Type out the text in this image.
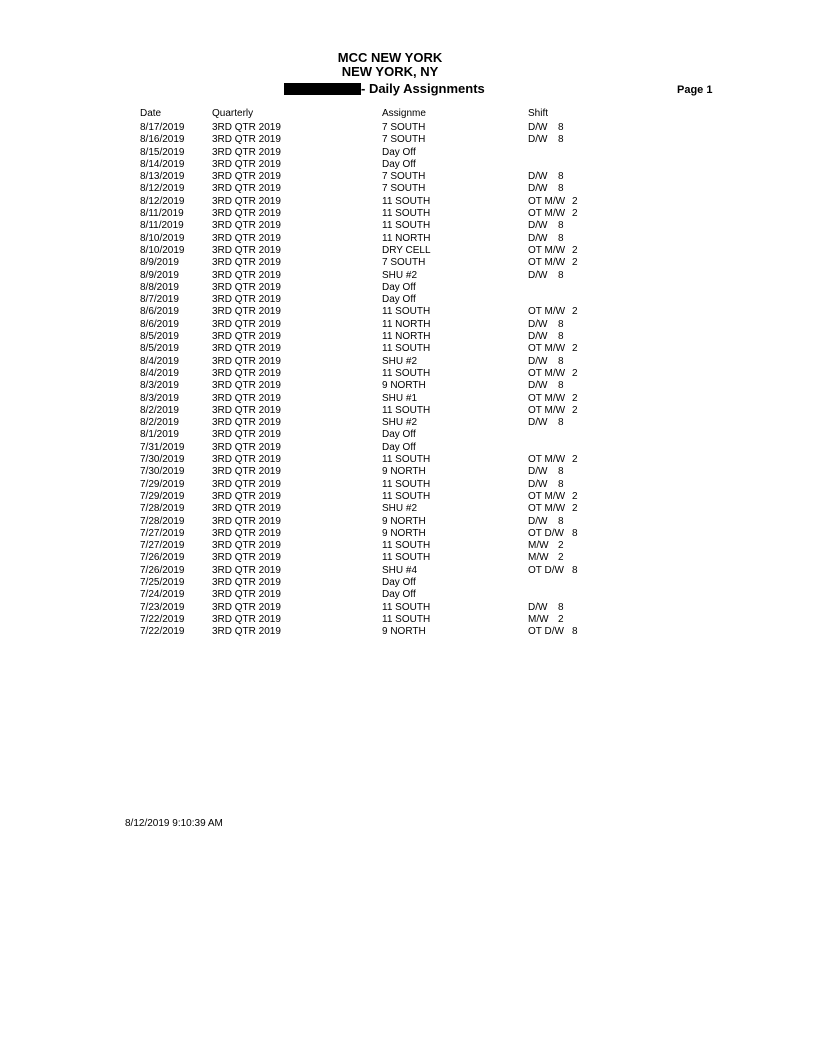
MCC NEW YORK
NEW YORK, NY
- Daily Assignments	Page 1
Date	Quarterly	Assignme	Shift
8/17/2019	3RD QTR 2019	7 SOUTH	D/W 8
8/16/2019	3RD QTR 2019	7 SOUTH	D/W 8
8/15/2019	3RD QTR 2019	Day Off
8/14/2019	3RD QTR 2019	Day Off
8/13/2019	3RD QTR 2019	7 SOUTH	D/W 8
8/12/2019	3RD QTR 2019	7 SOUTH	D/W 8
8/12/2019	3RD QTR 2019	11 SOUTH	OT M/W 2
8/11/2019	3RD QTR 2019	11 SOUTH	OT M/W 2
8/11/2019	3RD QTR 2019	11 SOUTH	D/W 8
8/10/2019	3RD QTR 2019	11 NORTH	D/W 8
8/10/2019	3RD QTR 2019	DRY CELL	OT M/W 2
8/9/2019	3RD QTR 2019	7 SOUTH	OT M/W 2
8/9/2019	3RD QTR 2019	SHU #2	D/W 8
8/8/2019	3RD QTR 2019	Day Off
8/7/2019	3RD QTR 2019	Day Off
8/6/2019	3RD QTR 2019	11 SOUTH	OT M/W 2
8/6/2019	3RD QTR 2019	11 NORTH	D/W 8
8/5/2019	3RD QTR 2019	11 NORTH	D/W 8
8/5/2019	3RD QTR 2019	11 SOUTH	OT M/W 2
8/4/2019	3RD QTR 2019	SHU #2	D/W 8
8/4/2019	3RD QTR 2019	11 SOUTH	OT M/W 2
8/3/2019	3RD QTR 2019	9 NORTH	D/W 8
8/3/2019	3RD QTR 2019	SHU #1	OT M/W 2
8/2/2019	3RD QTR 2019	11 SOUTH	OT M/W 2
8/2/2019	3RD QTR 2019	SHU #2	D/W 8
8/1/2019	3RD QTR 2019	Day Off
7/31/2019	3RD QTR 2019	Day Off
7/30/2019	3RD QTR 2019	11 SOUTH	OT M/W 2
7/30/2019	3RD QTR 2019	9 NORTH	D/W 8
7/29/2019	3RD QTR 2019	11 SOUTH	D/W 8
7/29/2019	3RD QTR 2019	11 SOUTH	OT M/W 2
7/28/2019	3RD QTR 2019	SHU #2	OT M/W 2
7/28/2019	3RD QTR 2019	9 NORTH	D/W 8
7/27/2019	3RD QTR 2019	9 NORTH	OT D/W 8
7/27/2019	3RD QTR 2019	11 SOUTH	M/W 2
7/26/2019	3RD QTR 2019	11 SOUTH	M/W 2
7/26/2019	3RD QTR 2019	SHU #4	OT D/W 8
7/25/2019	3RD QTR 2019	Day Off
7/24/2019	3RD QTR 2019	Day Off
7/23/2019	3RD QTR 2019	11 SOUTH	D/W 8
7/22/2019	3RD QTR 2019	11 SOUTH	M/W 2
7/22/2019	3RD QTR 2019	9 NORTH	OT D/W 8
8/12/2019 9:10:39 AM
